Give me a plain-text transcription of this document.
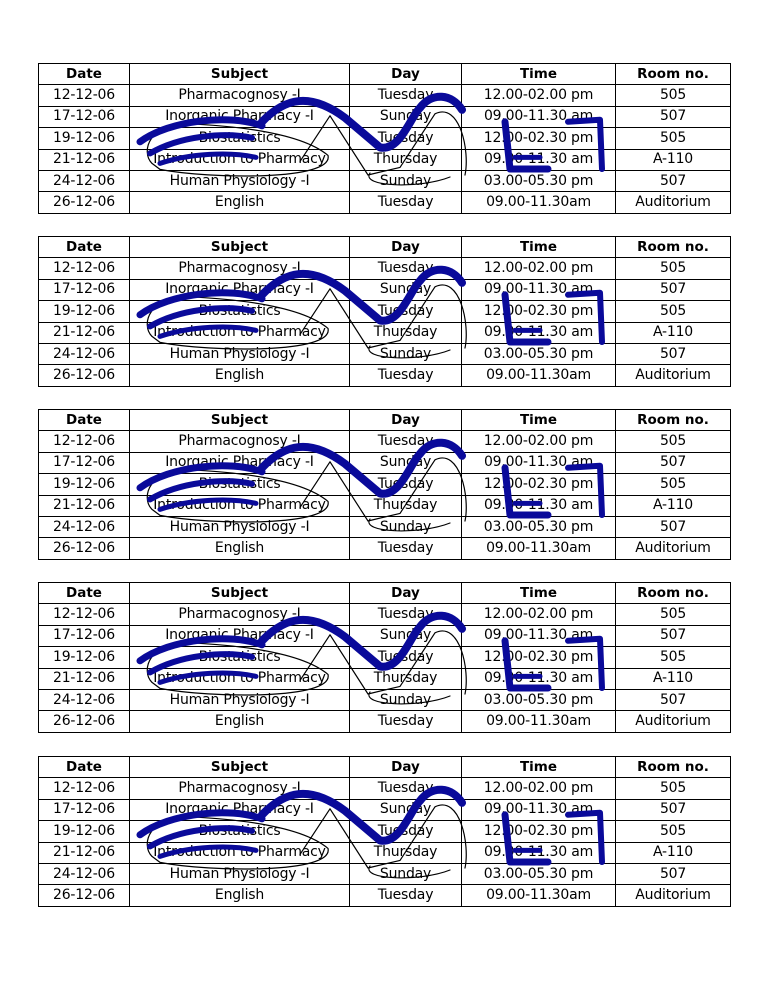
Date	Subject	Day	Time	Room no.
12-12-06	Pharmacognosy -I	Tuesday	12.00-02.00 pm	505
17-12-06	Inorganic Pharmacy -I	Sunday	09.00-11.30 am	507
19-12-06	Biostatistics	Tuesday	12.00-02.30 pm	505
21-12-06	Introduction to Pharmacy	Thursday	09.00-11.30 am	A-110
24-12-06	Human Physiology -I	Sunday	03.00-05.30 pm	507
26-12-06	English	Tuesday	09.00-11.30am	Auditorium
Date	Subject	Day	Time	Room no.
12-12-06	Pharmacognosy -I	Tuesday	12.00-02.00 pm	505
17-12-06	Inorganic Pharmacy -I	Sunday	09.00-11.30 am	507
19-12-06	Biostatistics	Tuesday	12.00-02.30 pm	505
21-12-06	Introduction to Pharmacy	Thursday	09.00-11.30 am	A-110
24-12-06	Human Physiology -I	Sunday	03.00-05.30 pm	507
26-12-06	English	Tuesday	09.00-11.30am	Auditorium
Date	Subject	Day	Time	Room no.
12-12-06	Pharmacognosy -I	Tuesday	12.00-02.00 pm	505
17-12-06	Inorganic Pharmacy -I	Sunday	09.00-11.30 am	507
19-12-06	Biostatistics	Tuesday	12.00-02.30 pm	505
21-12-06	Introduction to Pharmacy	Thursday	09.00-11.30 am	A-110
24-12-06	Human Physiology -I	Sunday	03.00-05.30 pm	507
26-12-06	English	Tuesday	09.00-11.30am	Auditorium
Date	Subject	Day	Time	Room no.
12-12-06	Pharmacognosy -I	Tuesday	12.00-02.00 pm	505
17-12-06	Inorganic Pharmacy -I	Sunday	09.00-11.30 am	507
19-12-06	Biostatistics	Tuesday	12.00-02.30 pm	505
21-12-06	Introduction to Pharmacy	Thursday	09.00-11.30 am	A-110
24-12-06	Human Physiology -I	Sunday	03.00-05.30 pm	507
26-12-06	English	Tuesday	09.00-11.30am	Auditorium
Date	Subject	Day	Time	Room no.
12-12-06	Pharmacognosy -I	Tuesday	12.00-02.00 pm	505
17-12-06	Inorganic Pharmacy -I	Sunday	09.00-11.30 am	507
19-12-06	Biostatistics	Tuesday	12.00-02.30 pm	505
21-12-06	Introduction to Pharmacy	Thursday	09.00-11.30 am	A-110
24-12-06	Human Physiology -I	Sunday	03.00-05.30 pm	507
26-12-06	English	Tuesday	09.00-11.30am	Auditorium
